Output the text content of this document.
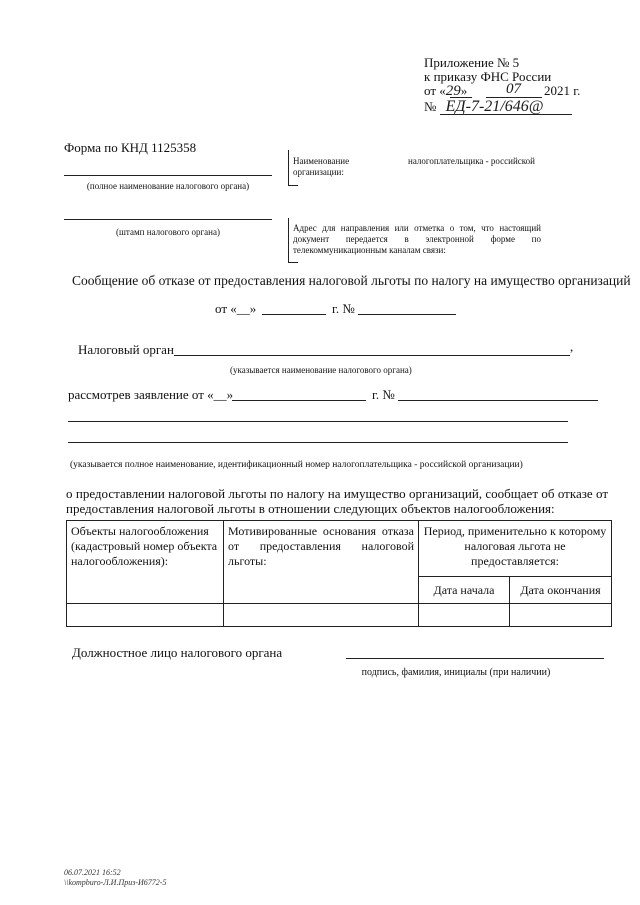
Приложение № 5
к приказу ФНС России
от «29»	07 2021 г.
№ ЕД-7-21/646@
Форма по КНД 1125358
(полное наименование налогового органа)
(штамп налогового органа)
Наименование	налогоплательщика - российской
организации:
Адрес для направления или отметка о том, что настоящий документ передается в электронной форме по телекоммуникационным каналам связи:
Сообщение об отказе от предоставления налоговой льготы по налогу на имущество организаций
от «__»	г. №
Налоговый орган	,
(указывается наименование налогового органа)
рассмотрев заявление от «__»	г. №
(указывается полное наименование, идентификационный номер налогоплательщика - российской организации)
о предоставлении налоговой льготы по налогу на имущество организаций, сообщает об отказе от предоставления налоговой льготы в отношении следующих объектов налогообложения:
Объекты налогообложения (кадастровый номер объекта налогообложения):	Мотивированные основания отказа от предоставления налоговой льготы:	Период, применительно к которому налоговая льгота не предоставляется:	
		Дата начала	Дата окончания

Должностное лицо налогового органа
подпись, фамилия, инициалы (при наличии)
06.07.2021 16:52
\\kompburo-Л.И.Приз-И6772-5
